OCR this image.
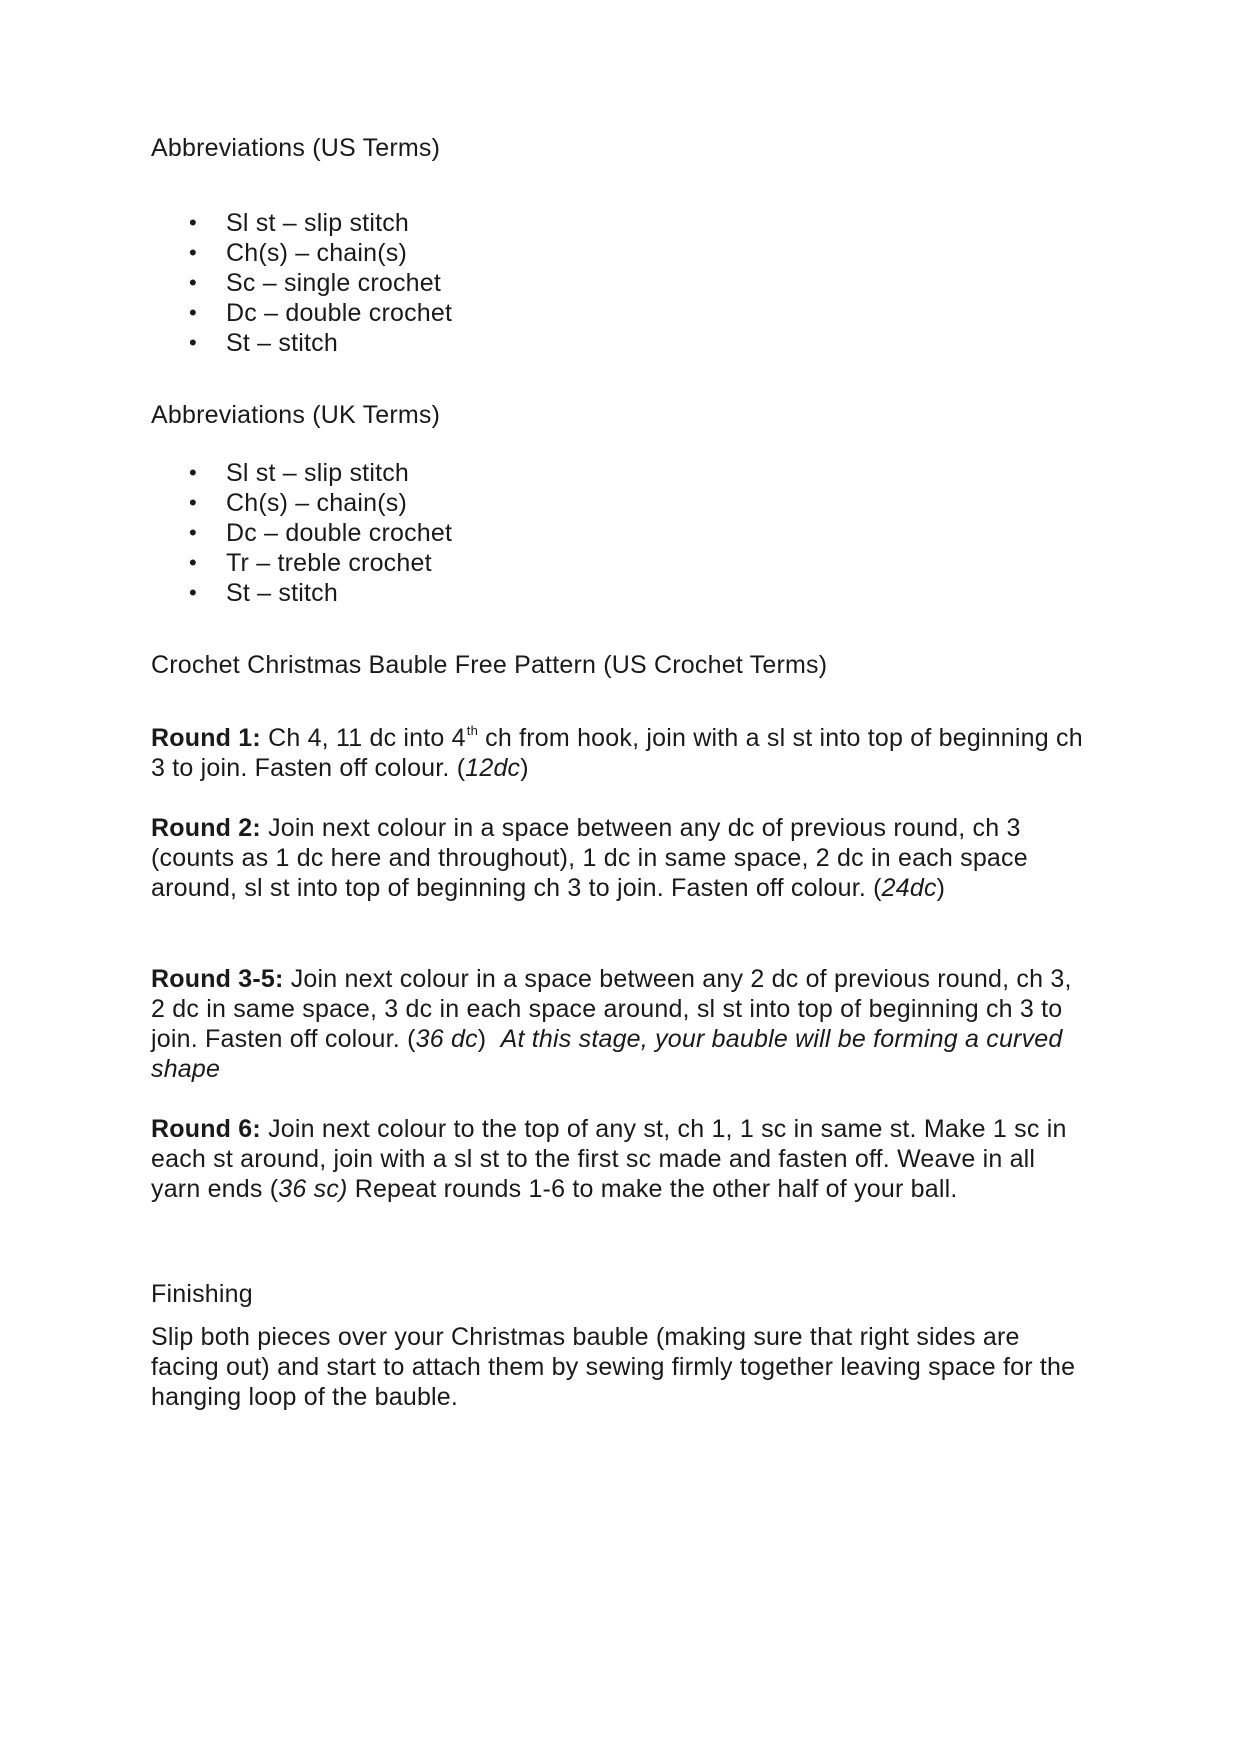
Abbreviations (US Terms)
• Sl st – slip stitch
• Ch(s) – chain(s)
• Sc – single crochet
• Dc – double crochet
• St – stitch
Abbreviations (UK Terms)
• Sl st – slip stitch
• Ch(s) – chain(s)
• Dc – double crochet
• Tr – treble crochet
• St – stitch
Crochet Christmas Bauble Free Pattern (US Crochet Terms)
Round 1: Ch 4, 11 dc into 4th ch from hook, join with a sl st into top of beginning ch 3 to join. Fasten off colour. (12dc)
Round 2: Join next colour in a space between any dc of previous round, ch 3 (counts as 1 dc here and throughout), 1 dc in same space, 2 dc in each space around, sl st into top of beginning ch 3 to join. Fasten off colour. (24dc)
Round 3-5: Join next colour in a space between any 2 dc of previous round, ch 3, 2 dc in same space, 3 dc in each space around, sl st into top of beginning ch 3 to join. Fasten off colour. (36 dc)  At this stage, your bauble will be forming a curved shape
Round 6: Join next colour to the top of any st, ch 1, 1 sc in same st. Make 1 sc in each st around, join with a sl st to the first sc made and fasten off. Weave in all yarn ends (36 sc) Repeat rounds 1-6 to make the other half of your ball.
Finishing
Slip both pieces over your Christmas bauble (making sure that right sides are facing out) and start to attach them by sewing firmly together leaving space for the hanging loop of the bauble.
